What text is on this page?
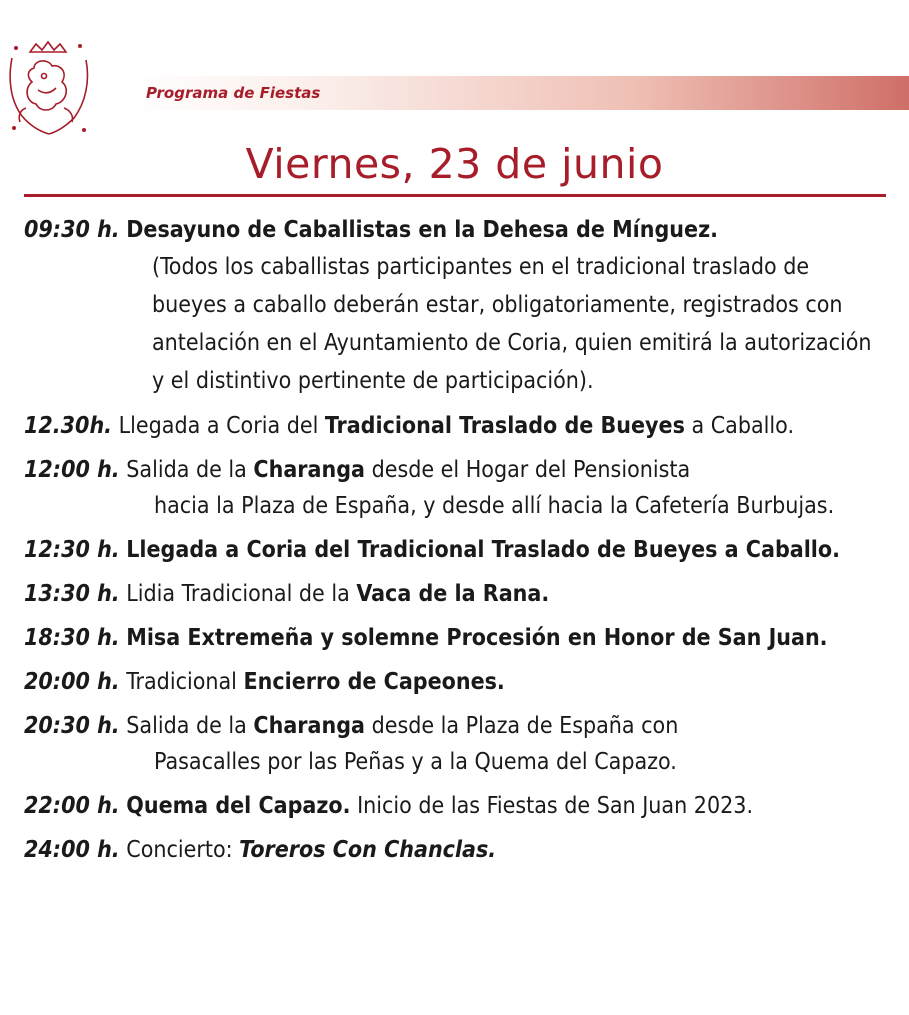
Programa de Fiestas
Viernes, 23 de junio
09:30 h. Desayuno de Caballistas en la Dehesa de Mínguez.
(Todos los caballistas participantes en el tradicional traslado de bueyes a caballo deberán estar, obligatoriamente, registrados con antelación en el Ayuntamiento de Coria, quien emitirá la autorización y el distintivo pertinente de participación).
12.30h. Llegada a Coria del Tradicional Traslado de Bueyes a Caballo.
12:00 h. Salida de la Charanga desde el Hogar del Pensionista
hacia la Plaza de España, y desde allí hacia la Cafetería Burbujas.
12:30 h. Llegada a Coria del Tradicional Traslado de Bueyes a Caballo.
13:30 h. Lidia Tradicional de la Vaca de la Rana.
18:30 h. Misa Extremeña y solemne Procesión en Honor de San Juan.
20:00 h. Tradicional Encierro de Capeones.
20:30 h. Salida de la Charanga desde la Plaza de España con
Pasacalles por las Peñas y a la Quema del Capazo.
22:00 h. Quema del Capazo. Inicio de las Fiestas de San Juan 2023.
24:00 h. Concierto: Toreros Con Chanclas.
